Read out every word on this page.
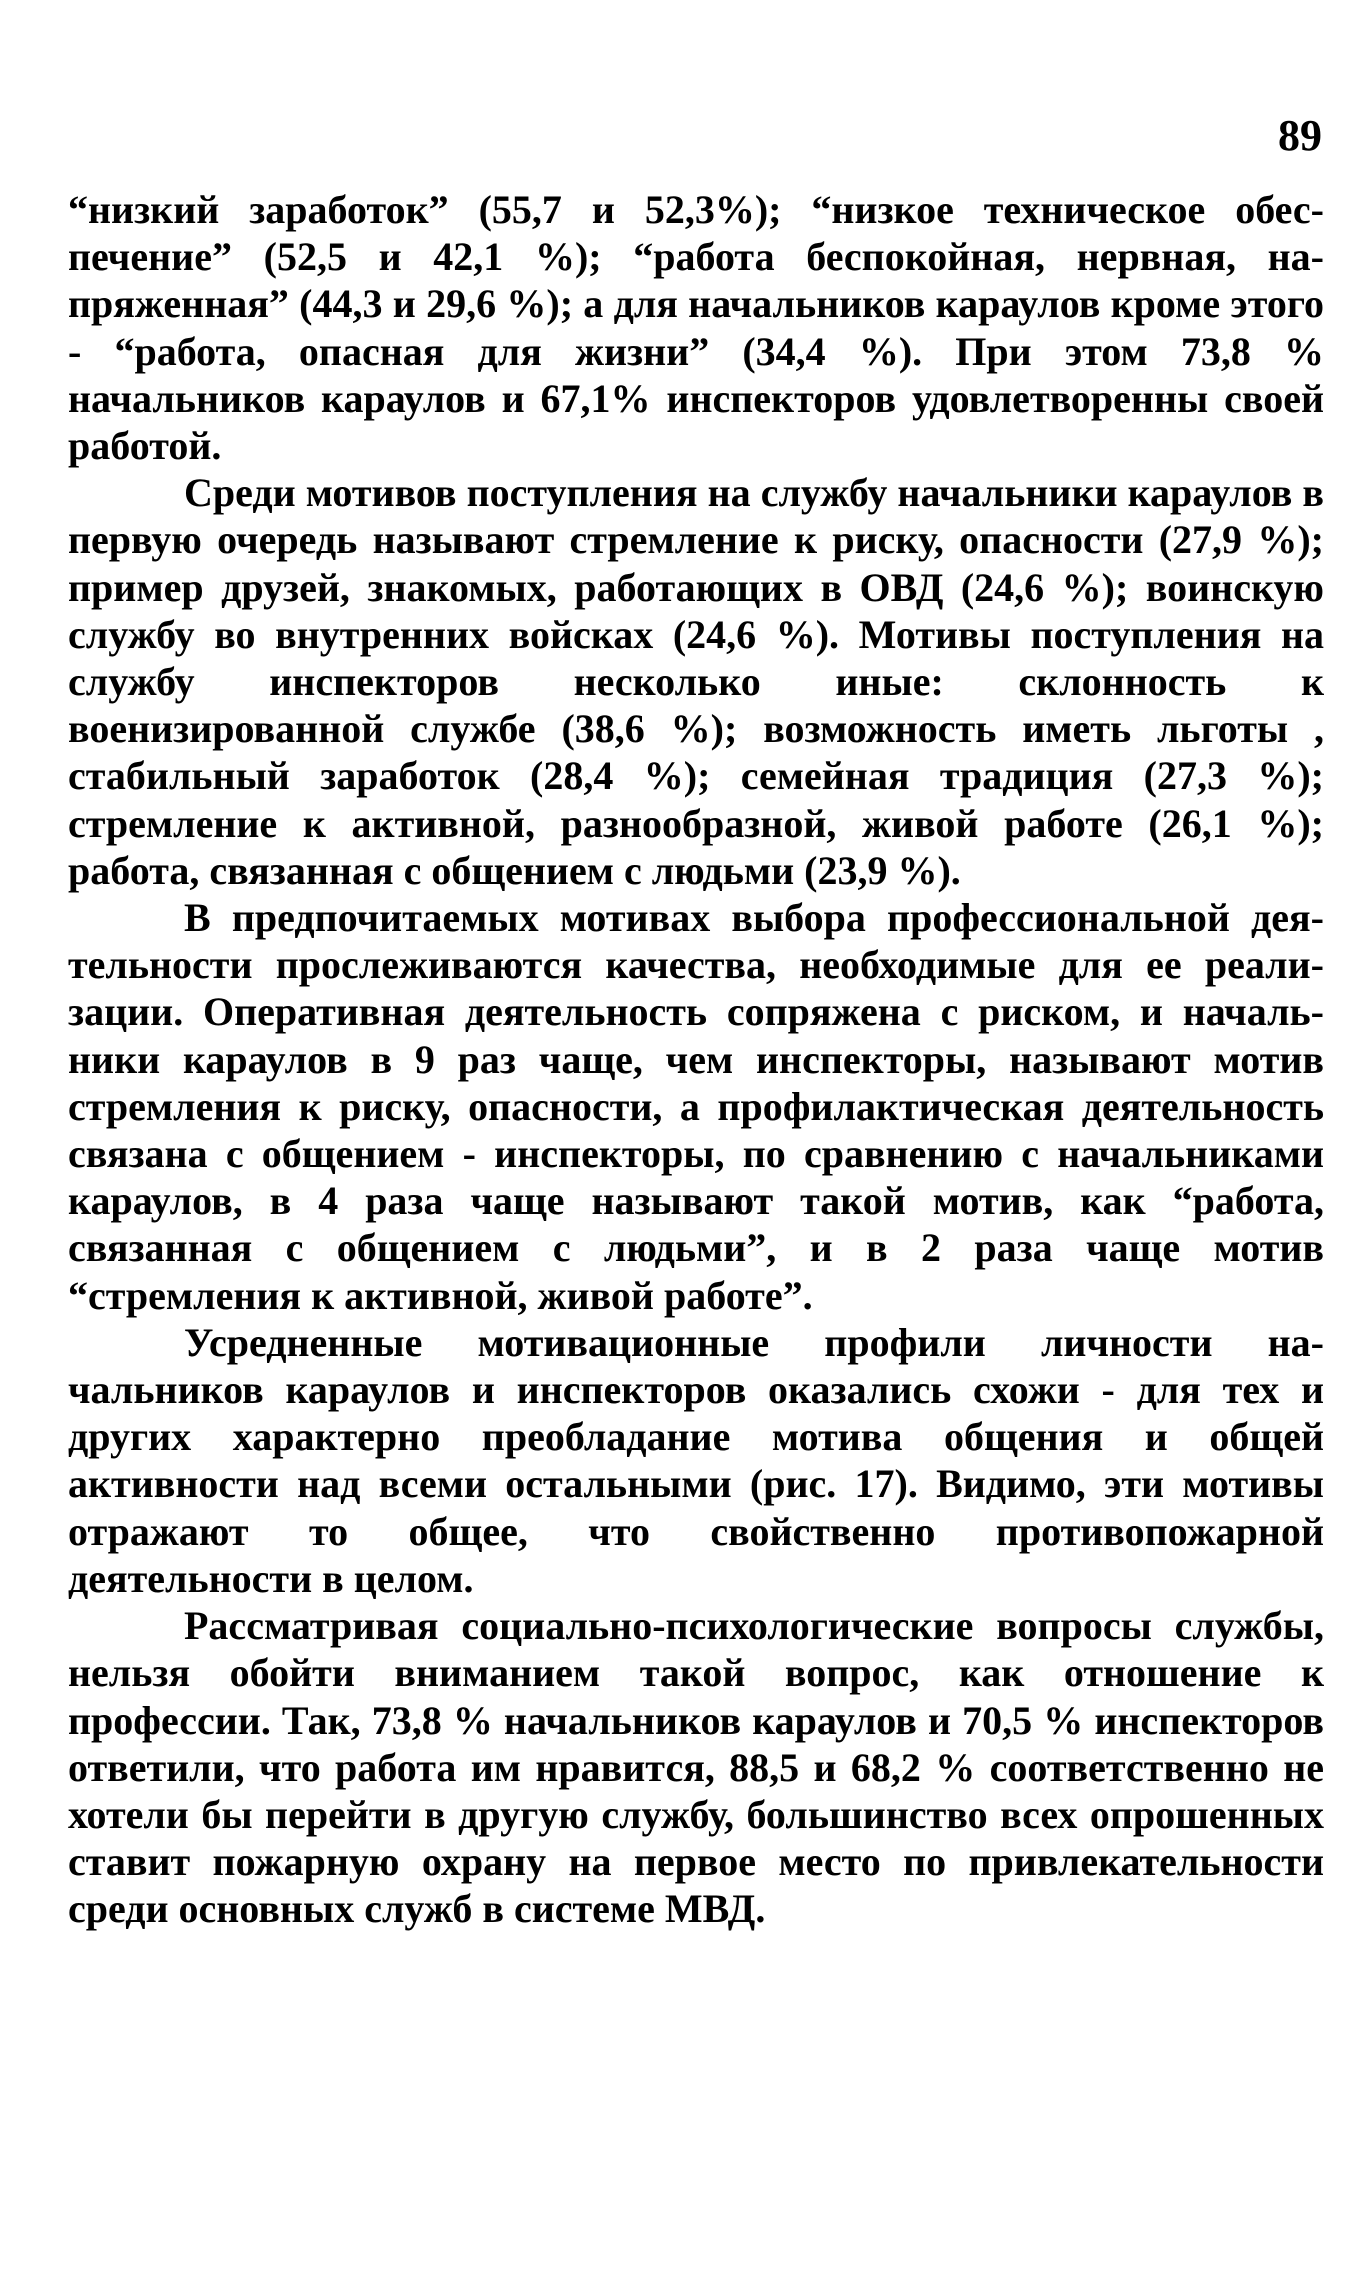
89

“низкий заработок” (55,7 и 52,3%); “низкое техническое обеспечение” (52,5 и 42,1 %); “работа беспокойная, нервная, напряженная” (44,3 и 29,6 %); а для начальников караулов кроме этого - “работа, опасная для жизни” (34,4 %). При этом 73,8 % начальников караулов и 67,1% инспекторов удовлетворенны своей работой.

Среди мотивов поступления на службу начальники караулов в первую очередь называют стремление к риску, опасности (27,9 %); пример друзей, знакомых, работающих в ОВД (24,6 %); воинскую службу во внутренних войсках (24,6 %). Мотивы поступления на службу инспекторов несколько иные: склонность к военизированной службе (38,6 %); возможность иметь льготы , стабильный заработок (28,4 %); семейная традиция (27,3 %); стремление к активной, разнообразной, живой работе (26,1 %); работа, связанная с общением с людьми (23,9 %).

В предпочитаемых мотивах выбора профессиональной деятельности прослеживаются качества, необходимые для ее реализации. Оперативная деятельность сопряжена с риском, и начальники караулов в 9 раз чаще, чем инспекторы, называют мотив стремления к риску, опасности, а профилактическая деятельность связана с общением - инспекторы, по сравнению с начальниками караулов, в 4 раза чаще называют такой мотив, как “работа, связанная с общением с людьми”, и в 2 раза чаще мотив “стремления к активной, живой работе”.

Усредненные мотивационные профили личности начальников караулов и инспекторов оказались схожи - для тех и других характерно преобладание мотива общения и общей активности над всеми остальными (рис. 17). Видимо, эти мотивы отражают то общее, что свойственно противопожарной деятельности в целом.

Рассматривая социально-психологические вопросы службы, нельзя обойти вниманием такой вопрос, как отношение к профессии. Так, 73,8 % начальников караулов и 70,5 % инспекторов ответили, что работа им нравится, 88,5 и 68,2 % соответственно не хотели бы перейти в другую службу, большинство всех опрошенных ставит пожарную охрану на первое место по привлекательности среди основных служб в системе МВД.
